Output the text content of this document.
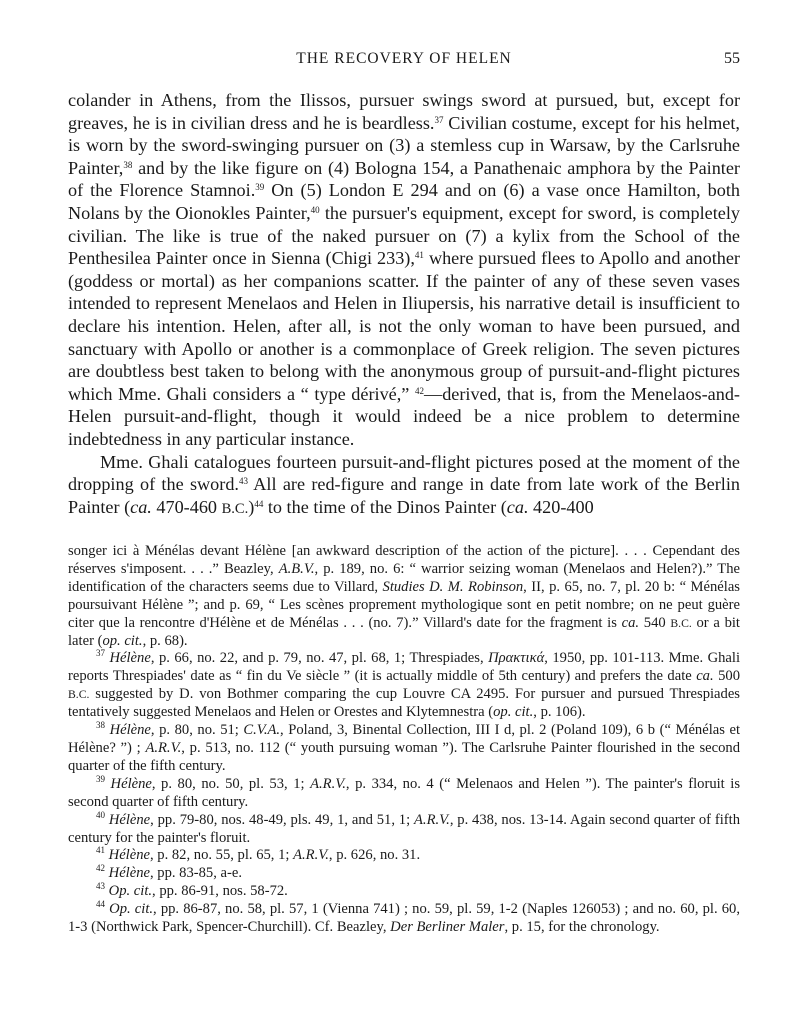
THE RECOVERY OF HELEN	55

colander in Athens, from the Ilissos, pursuer swings sword at pursued, but, except for greaves, he is in civilian dress and he is beardless.$^{37}$ Civilian costume, except for his helmet, is worn by the sword-swinging pursuer on (3) a stemless cup in Warsaw, by the Carlsruhe Painter,$^{38}$ and by the like figure on (4) Bologna 154, a Panathenaic amphora by the Painter of the Florence Stamnoi.$^{39}$ On (5) London E 294 and on (6) a vase once Hamilton, both Nolans by the Oionokles Painter,$^{40}$ the pursuer's equipment, except for sword, is completely civilian. The like is true of the naked pursuer on (7) a kylix from the School of the Penthesilea Painter once in Sienna (Chigi 233),$^{41}$ where pursued flees to Apollo and another (goddess or mortal) as her companions scatter. If the painter of any of these seven vases intended to represent Menelaos and Helen in Iliupersis, his narrative detail is insufficient to declare his intention. Helen, after all, is not the only woman to have been pursued, and sanctuary with Apollo or another is a commonplace of Greek religion. The seven pictures are doubtless best taken to belong with the anonymous group of pursuit-and-flight pictures which Mme. Ghali considers a “ type dérivé,” $^{42}$—derived, that is, from the Menelaos-and-Helen pursuit-and-flight, though it would indeed be a nice problem to determine indebtedness in any particular instance.

Mme. Ghali catalogues fourteen pursuit-and-flight pictures posed at the moment of the dropping of the sword.$^{43}$ All are red-figure and range in date from late work of the Berlin Painter (ca. 470-460 B.C.)$^{44}$ to the time of the Dinos Painter (ca. 420-400

songer ici à Ménélas devant Hélène [an awkward description of the action of the picture]. . . . Cependant des réserves s'imposent. . . .” Beazley, A.B.V., p. 189, no. 6: “ warrior seizing woman (Menelaos and Helen?).” The identification of the characters seems due to Villard, Studies D. M. Robinson, II, p. 65, no. 7, pl. 20 b: “ Ménélas poursuivant Hélène ”; and p. 69, “ Les scènes proprement mythologique sont en petit nombre; on ne peut guère citer que la rencontre d'Hélène et de Ménélas . . . (no. 7).” Villard's date for the fragment is ca. 540 B.C. or a bit later (op. cit., p. 68).

$^{37}$ Hélène, p. 66, no. 22, and p. 79, no. 47, pl. 68, 1; Threspiades, Πρακτικά, 1950, pp. 101-113. Mme. Ghali reports Threspiades' date as “ fin du Ve siècle ” (it is actually middle of 5th century) and prefers the date ca. 500 B.C. suggested by D. von Bothmer comparing the cup Louvre CA 2495. For pursuer and pursued Threspiades tentatively suggested Menelaos and Helen or Orestes and Klytemnestra (op. cit., p. 106).

$^{38}$ Hélène, p. 80, no. 51; C.V.A., Poland, 3, Binental Collection, III I d, pl. 2 (Poland 109), 6 b (“ Ménélas et Hélène? ”) ; A.R.V., p. 513, no. 112 (“ youth pursuing woman ”). The Carlsruhe Painter flourished in the second quarter of the fifth century.

$^{39}$ Hélène, p. 80, no. 50, pl. 53, 1; A.R.V., p. 334, no. 4 (“ Melenaos and Helen ”). The painter's floruit is second quarter of fifth century.

$^{40}$ Hélène, pp. 79-80, nos. 48-49, pls. 49, 1, and 51, 1; A.R.V., p. 438, nos. 13-14. Again second quarter of fifth century for the painter's floruit.

$^{41}$ Hélène, p. 82, no. 55, pl. 65, 1; A.R.V., p. 626, no. 31.

$^{42}$ Hélène, pp. 83-85, a-e.

$^{43}$ Op. cit., pp. 86-91, nos. 58-72.

$^{44}$ Op. cit., pp. 86-87, no. 58, pl. 57, 1 (Vienna 741) ; no. 59, pl. 59, 1-2 (Naples 126053) ; and no. 60, pl. 60, 1-3 (Northwick Park, Spencer-Churchill). Cf. Beazley, Der Berliner Maler, p. 15, for the chronology.
